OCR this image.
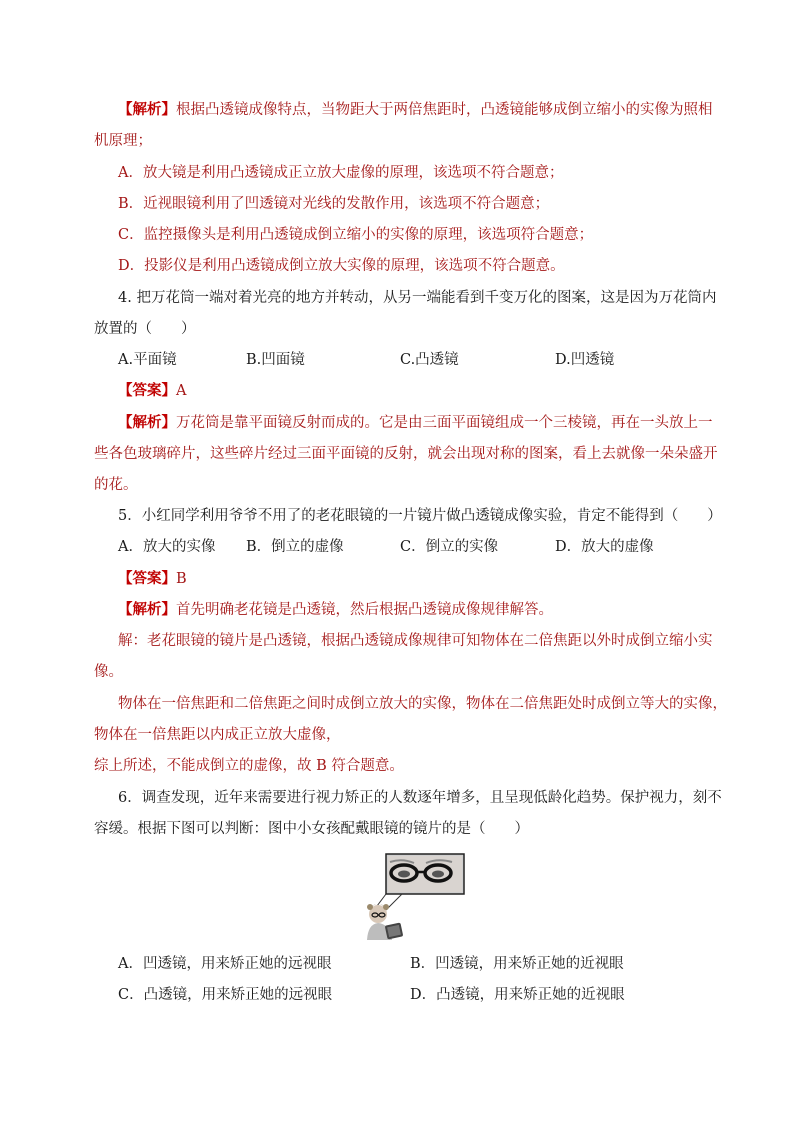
【解析】根据凸透镜成像特点，当物距大于两倍焦距时，凸透镜能够成倒立缩小的实像为照相
机原理；
A．放大镜是利用凸透镜成正立放大虚像的原理，该选项不符合题意；
B．近视眼镜利用了凹透镜对光线的发散作用，该选项不符合题意；
C．监控摄像头是利用凸透镜成倒立缩小的实像的原理，该选项符合题意；
D．投影仪是利用凸透镜成倒立放大实像的原理，该选项不符合题意。
4. 把万花筒一端对着光亮的地方并转动，从另一端能看到千变万化的图案，这是因为万花筒内
放置的（　　）
A.平面镜	B.凹面镜	C.凸透镜	D.凹透镜
【答案】A
【解析】万花筒是靠平面镜反射而成的。它是由三面平面镜组成一个三棱镜，再在一头放上一
些各色玻璃碎片，这些碎片经过三面平面镜的反射，就会出现对称的图案，看上去就像一朵朵盛开
的花。
5．小红同学利用爷爷不用了的老花眼镜的一片镜片做凸透镜成像实验，肯定不能得到（　　）
A．放大的实像 B．倒立的虚像	C．倒立的实像	D．放大的虚像
【答案】B
【解析】首先明确老花镜是凸透镜，然后根据凸透镜成像规律解答。
解：老花眼镜的镜片是凸透镜，根据凸透镜成像规律可知物体在二倍焦距以外时成倒立缩小实
像。
物体在一倍焦距和二倍焦距之间时成倒立放大的实像，物体在二倍焦距处时成倒立等大的实像，
物体在一倍焦距以内成正立放大虚像，
综上所述，不能成倒立的虚像，故 B 符合题意。
6．调查发现，近年来需要进行视力矫正的人数逐年增多，且呈现低龄化趋势。保护视力，刻不
容缓。根据下图可以判断：图中小女孩配戴眼镜的镜片的是（　　）
A．凹透镜，用来矫正她的远视眼	B．凹透镜，用来矫正她的近视眼
C．凸透镜，用来矫正她的远视眼	D．凸透镜，用来矫正她的近视眼
